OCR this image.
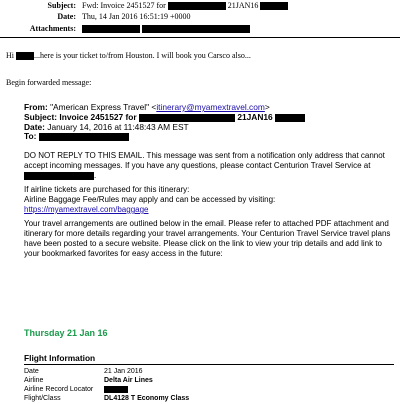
Subject: Fwd: Invoice 2451527 for	21JAN16
Date: Thu, 14 Jan 2016 16:51:19 +0000
Attachments:

Hi	...here is your ticket to/from Houston. I will book you Carsco also...
Begin forwarded message:
From: "American Express Travel" <itinerary@myamextravel.com>
Subject: Invoice 2451527 for	21JAN16
Date: January 14, 2016 at 11:48:43 AM EST
To:
DO NOT REPLY TO THIS EMAIL. This message was sent from a notification only address that cannot accept incoming messages. If you have any questions, please contact Centurion Travel Service at .
If airline tickets are purchased for this itinerary:
Airline Baggage Fee/Rules may apply and can be accessed by visiting:
https://myamextravel.com/baggage
Your travel arrangements are outlined below in the email. Please refer to attached PDF attachment and itinerary for more details regarding your travel arrangements. Your Centurion Travel Service travel plans have been posted to a secure website. Please click on the link to view your trip details and add link to your bookmarked favorites for easy access in the future:
Thursday 21 Jan 16
Flight Information
Date	21 Jan 2016
Airline	Delta Air Lines
Airline Record Locator
Flight/Class	DL4128 T Economy Class
